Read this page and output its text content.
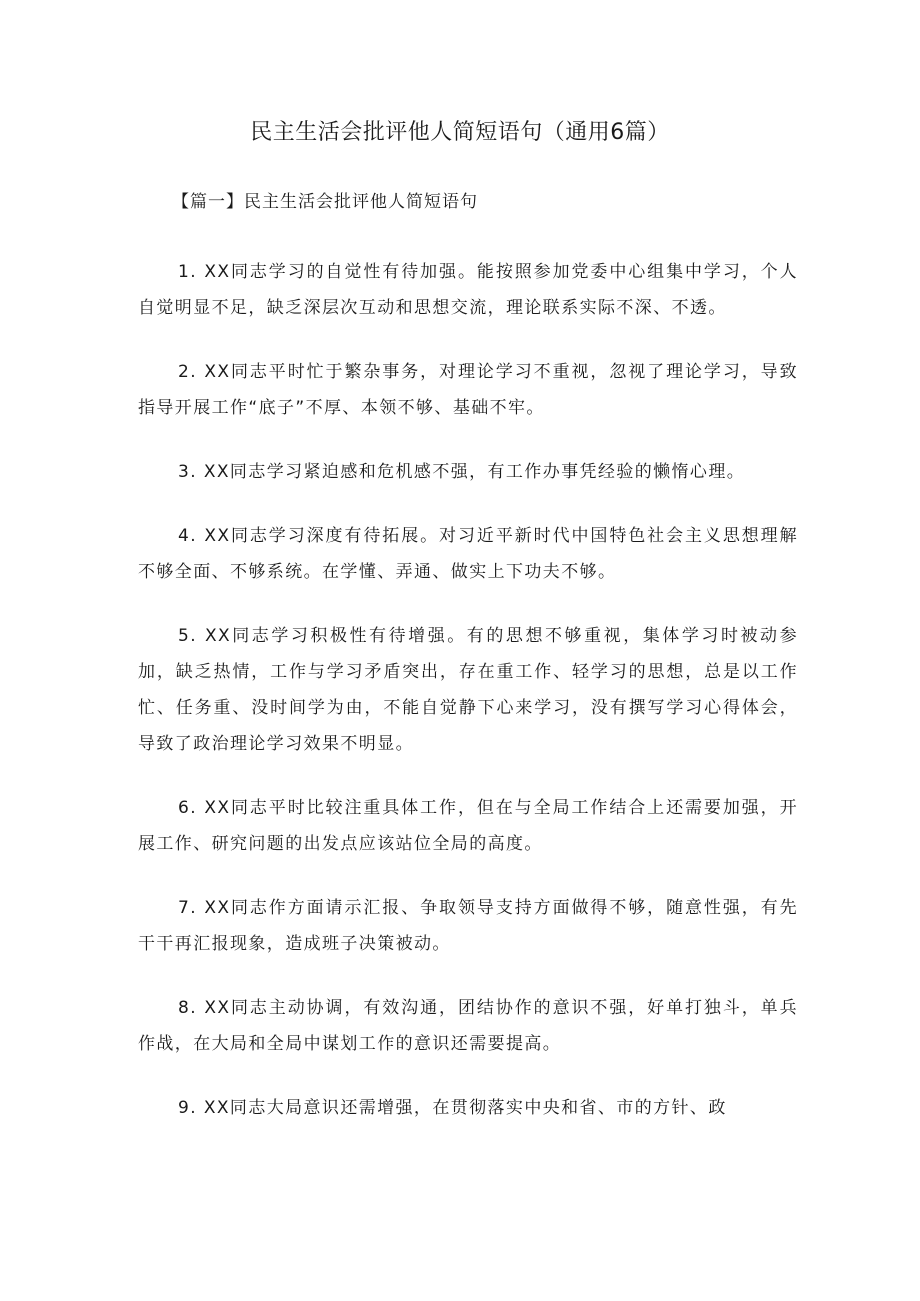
民主生活会批评他人简短语句（通用6篇）

【篇一】民主生活会批评他人简短语句

1. XX同志学习的自觉性有待加强。能按照参加党委中心组集中学习，个人自觉明显不足，缺乏深层次互动和思想交流，理论联系实际不深、不透。

2. XX同志平时忙于繁杂事务，对理论学习不重视，忽视了理论学习，导致指导开展工作“底子”不厚、本领不够、基础不牢。

3. XX同志学习紧迫感和危机感不强，有工作办事凭经验的懒惰心理。

4. XX同志学习深度有待拓展。对习近平新时代中国特色社会主义思想理解不够全面、不够系统。在学懂、弄通、做实上下功夫不够。

5. XX同志学习积极性有待增强。有的思想不够重视，集体学习时被动参加，缺乏热情，工作与学习矛盾突出，存在重工作、轻学习的思想，总是以工作忙、任务重、没时间学为由，不能自觉静下心来学习，没有撰写学习心得体会，导致了政治理论学习效果不明显。

6. XX同志平时比较注重具体工作，但在与全局工作结合上还需要加强，开展工作、研究问题的出发点应该站位全局的高度。

7. XX同志作方面请示汇报、争取领导支持方面做得不够，随意性强，有先干干再汇报现象，造成班子决策被动。

8. XX同志主动协调，有效沟通，团结协作的意识不强，好单打独斗，单兵作战，在大局和全局中谋划工作的意识还需要提高。

9. XX同志大局意识还需增强，在贯彻落实中央和省、市的方针、政
